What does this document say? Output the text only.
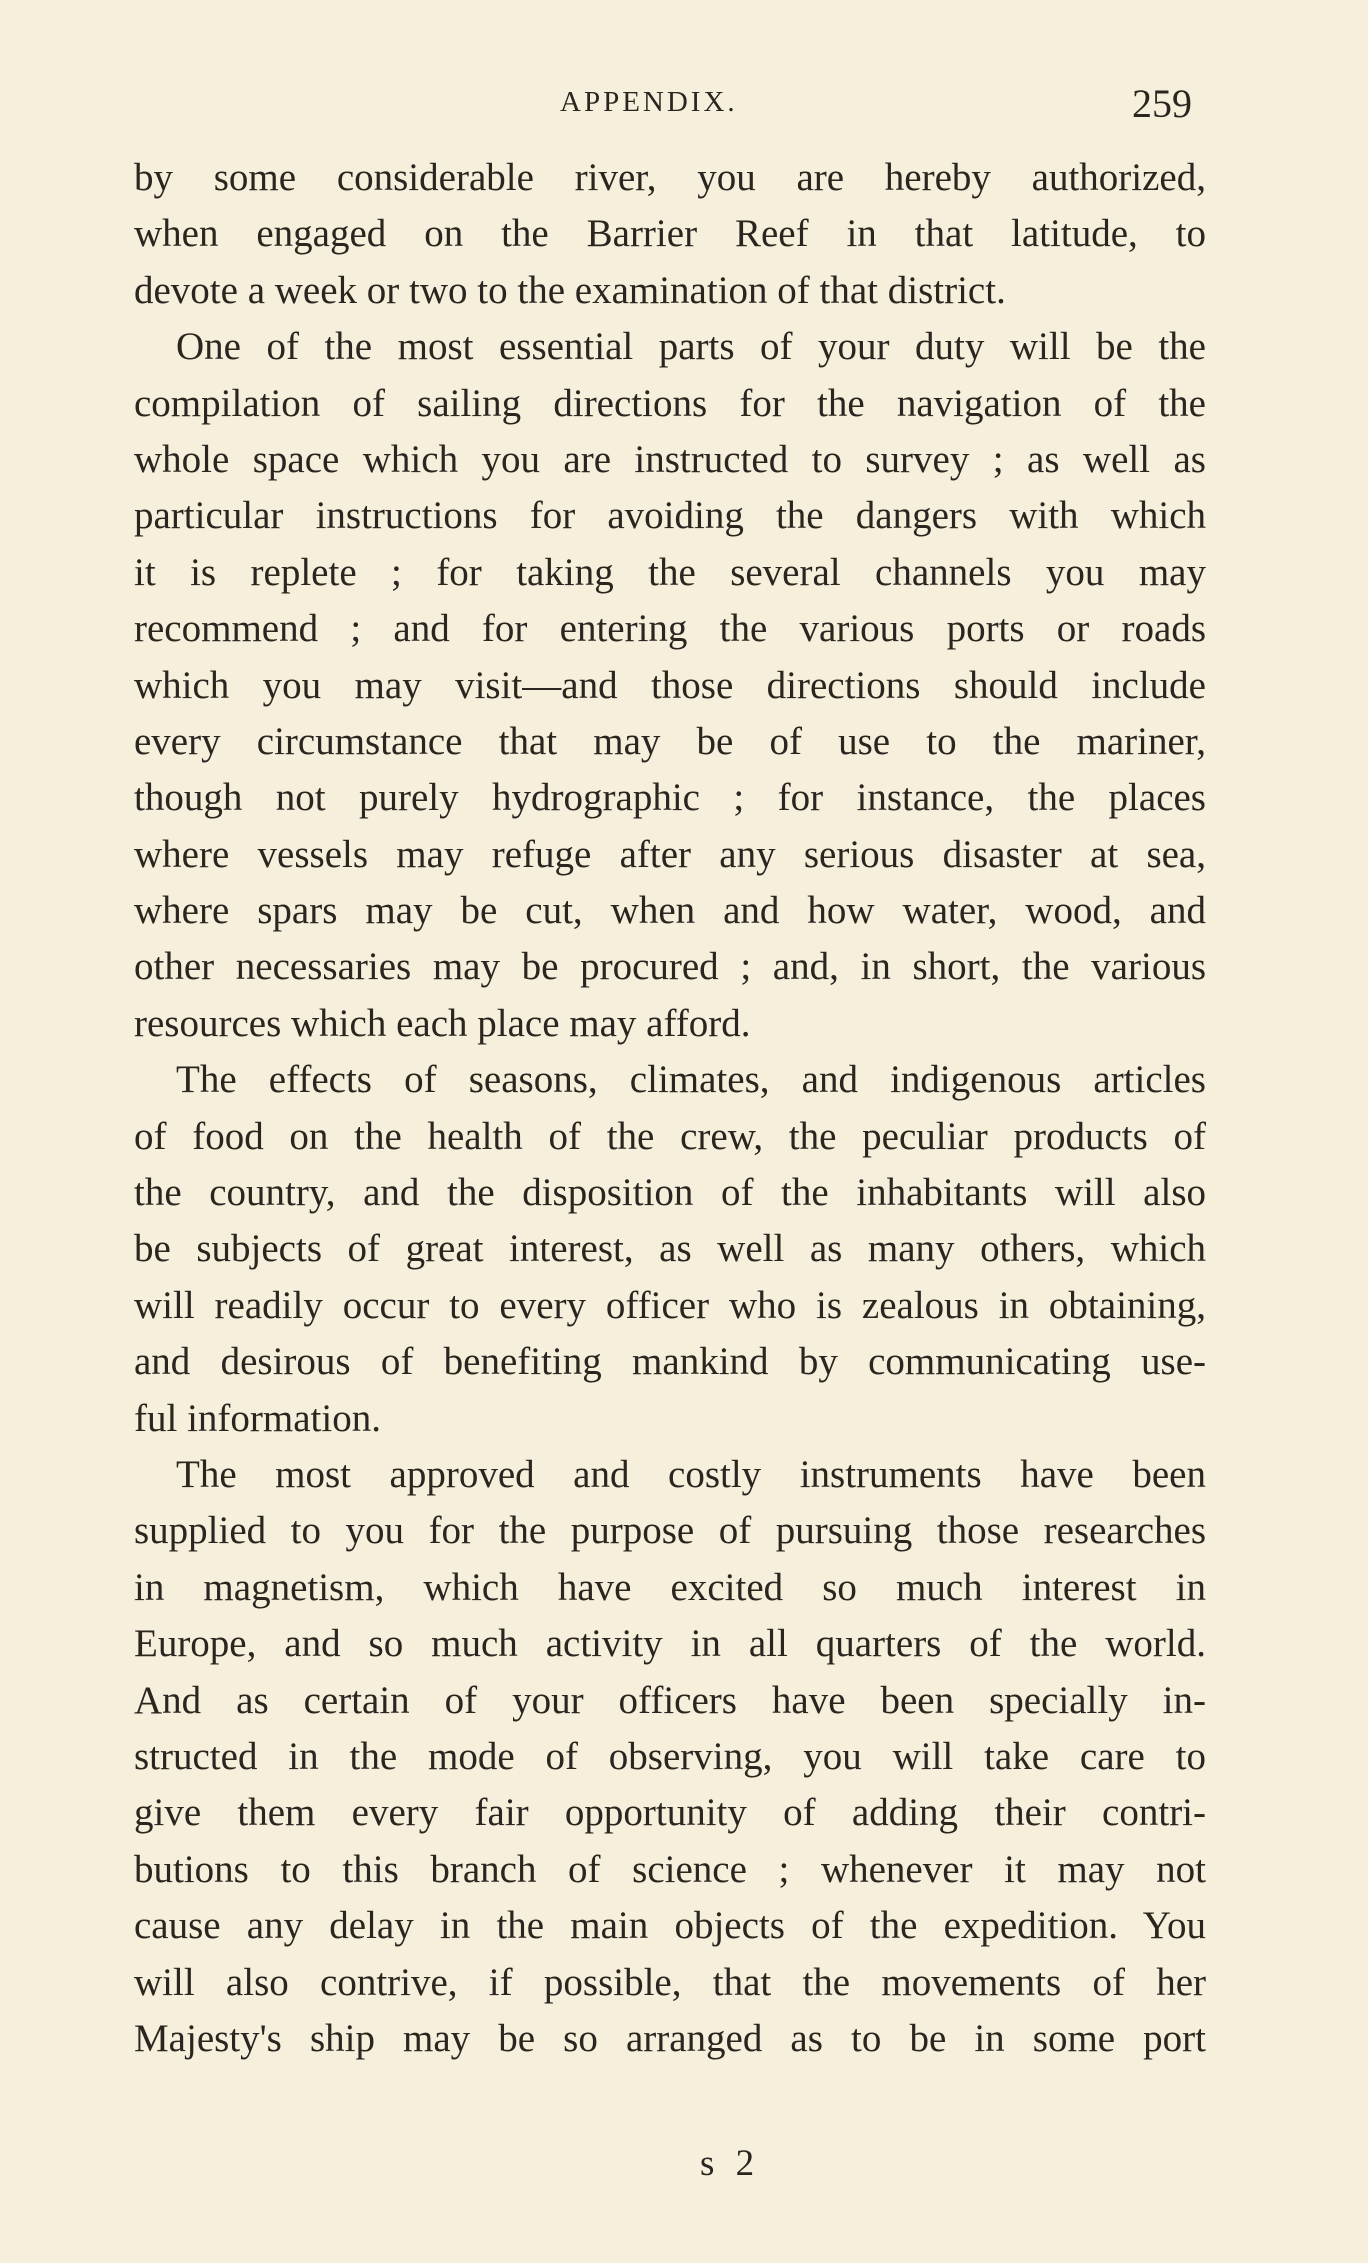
APPENDIX.	259
by some considerable river, you are hereby authorized,
when engaged on the Barrier Reef in that latitude, to
devote a week or two to the examination of that district.
One of the most essential parts of your duty will be the
compilation of sailing directions for the navigation of the
whole space which you are instructed to survey ; as well as
particular instructions for avoiding the dangers with which
it is replete ; for taking the several channels you may
recommend ; and for entering the various ports or roads
which you may visit—and those directions should include
every circumstance that may be of use to the mariner,
though not purely hydrographic ; for instance, the places
where vessels may refuge after any serious disaster at sea,
where spars may be cut, when and how water, wood, and
other necessaries may be procured ; and, in short, the various
resources which each place may afford.
The effects of seasons, climates, and indigenous articles
of food on the health of the crew, the peculiar products of
the country, and the disposition of the inhabitants will also
be subjects of great interest, as well as many others, which
will readily occur to every officer who is zealous in obtaining,
and desirous of benefiting mankind by communicating use-
ful information.
The most approved and costly instruments have been
supplied to you for the purpose of pursuing those researches
in magnetism, which have excited so much interest in
Europe, and so much activity in all quarters of the world.
And as certain of your officers have been specially in-
structed in the mode of observing, you will take care to
give them every fair opportunity of adding their contri-
butions to this branch of science ; whenever it may not
cause any delay in the main objects of the expedition. You
will also contrive, if possible, that the movements of her
Majesty's ship may be so arranged as to be in some port
s 2
